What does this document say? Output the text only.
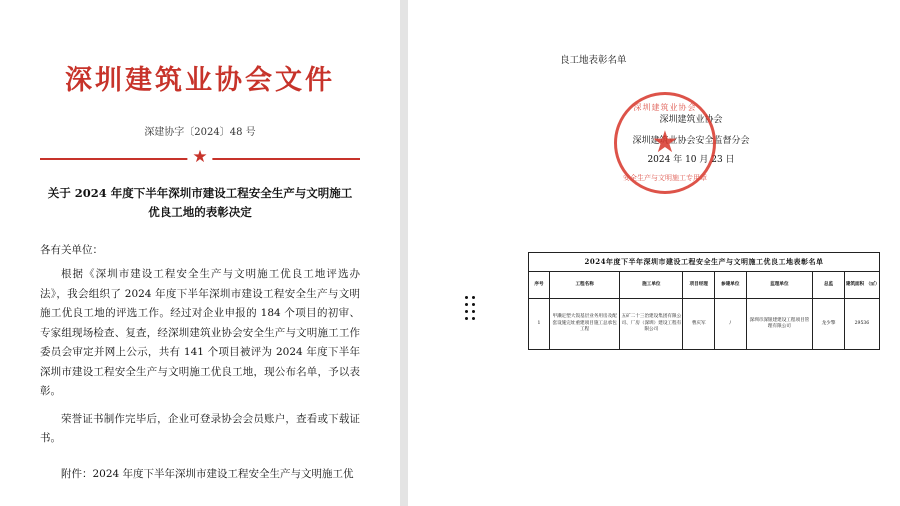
深圳建筑业协会文件
深建协字〔2024〕48 号
★
关于 2024 年度下半年深圳市建设工程安全生产与文明施工
优良工地的表彰决定
各有关单位：
根据《深圳市建设工程安全生产与文明施工优良工地评选办法》，我会组织了 2024 年度下半年深圳市建设工程安全生产与文明施工优良工地的评选工作。经过对企业申报的 184 个项目的初审、专家组现场检查、复查，经深圳建筑业协会安全生产与文明施工工作委员会审定并网上公示，共有 141 个项目被评为 2024 年度下半年深圳市建设工程安全生产与文明施工优良工地，现公布名单，予以表彰。
荣誉证书制作完毕后，企业可登录协会会员账户，查看或下载证书。
附件：2024 年度下半年深圳市建设工程安全生产与文明施工优
良工地表彰名单
深圳建筑业协会
深圳建筑业协会安全监督分会
2024 年 10 月 23 日
深圳建筑业协会
★
安全生产与文明施工专用章
2024年度下半年深圳市建设工程安全生产与文明施工优良工地表彰名单
序号	工程名称	施工单位	项目经理	参建单位	监理单位	总监	建筑面积 （㎡）
1	甲濑定塑大饭基层业务用房及配套设施完址重建项目施工总承包工程	五矿二十三治建设集团有限公司、厂房（深圳）建设工程有限公司	曹庆军	/	深圳市深银建建设工程项目管理有限公司	龙少擎	29536
